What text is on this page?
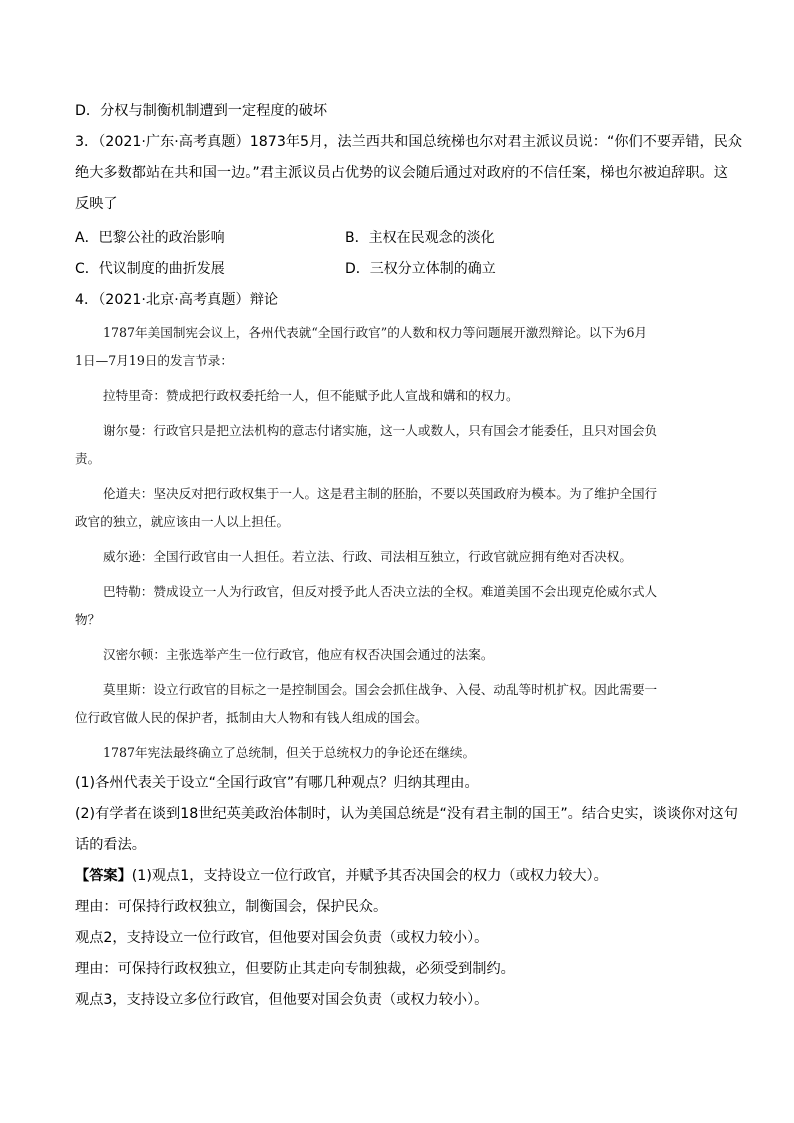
D．分权与制衡机制遭到一定程度的破坏
3．（2021·广东·高考真题）1873年5月，法兰西共和国总统梯也尔对君主派议员说：“你们不要弄错，民众
绝大多数都站在共和国一边。”君主派议员占优势的议会随后通过对政府的不信任案，梯也尔被迫辞职。这
反映了
A．巴黎公社的政治影响	B．主权在民观念的淡化
C．代议制度的曲折发展	D．三权分立体制的确立
4．（2021·北京·高考真题）辩论
1787年美国制宪会议上，各州代表就“全国行政官”的人数和权力等问题展开激烈辩论。以下为6月
1日—7月19日的发言节录：
拉特里奇：赞成把行政权委托给一人，但不能赋予此人宣战和媾和的权力。
谢尔曼：行政官只是把立法机构的意志付诸实施，这一人或数人，只有国会才能委任，且只对国会负
责。
伦道夫：坚决反对把行政权集于一人。这是君主制的胚胎，不要以英国政府为模本。为了维护全国行
政官的独立，就应该由一人以上担任。
威尔逊：全国行政官由一人担任。若立法、行政、司法相互独立，行政官就应拥有绝对否决权。
巴特勒：赞成设立一人为行政官，但反对授予此人否决立法的全权。难道美国不会出现克伦威尔式人
物？
汉密尔顿：主张选举产生一位行政官，他应有权否决国会通过的法案。
莫里斯：设立行政官的目标之一是控制国会。国会会抓住战争、入侵、动乱等时机扩权。因此需要一
位行政官做人民的保护者，抵制由大人物和有钱人组成的国会。
1787年宪法最终确立了总统制，但关于总统权力的争论还在继续。
(1)各州代表关于设立“全国行政官”有哪几种观点？归纳其理由。
(2)有学者在谈到18世纪英美政治体制时，认为美国总统是“没有君主制的国王”。结合史实，谈谈你对这句
话的看法。
【答案】(1)观点1，支持设立一位行政官，并赋予其否决国会的权力（或权力较大）。
理由：可保持行政权独立，制衡国会，保护民众。
观点2，支持设立一位行政官，但他要对国会负责（或权力较小）。
理由：可保持行政权独立，但要防止其走向专制独裁，必须受到制约。
观点3，支持设立多位行政官，但他要对国会负责（或权力较小）。
